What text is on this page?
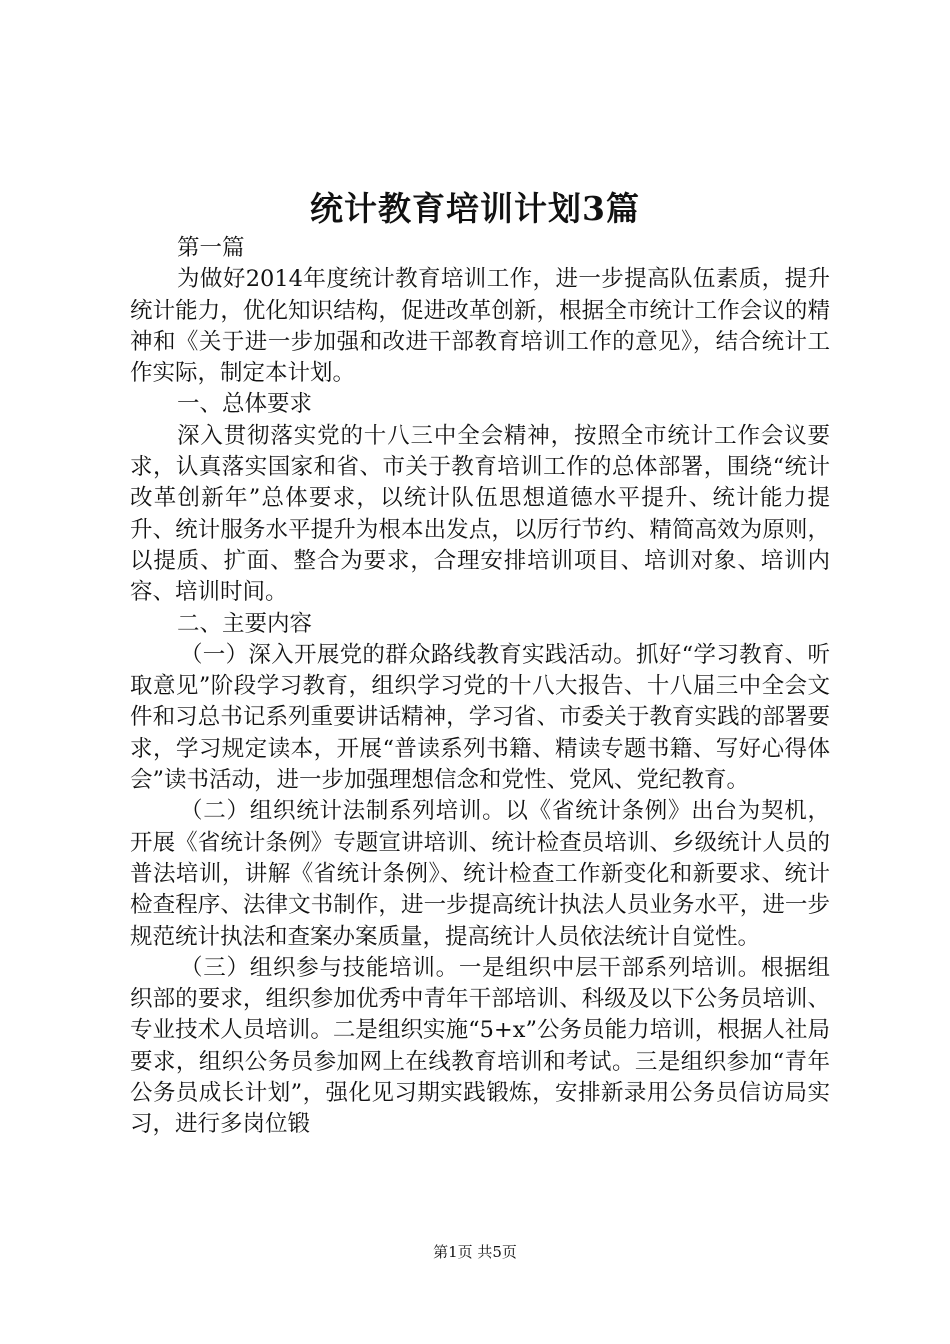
统计教育培训计划3篇

第一篇

为做好2014年度统计教育培训工作，进一步提高队伍素质，提升统计能力，优化知识结构，促进改革创新，根据全市统计工作会议的精神和《关于进一步加强和改进干部教育培训工作的意见》，结合统计工作实际，制定本计划。

一、总体要求

深入贯彻落实党的十八三中全会精神，按照全市统计工作会议要求，认真落实国家和省、市关于教育培训工作的总体部署，围绕“统计改革创新年”总体要求，以统计队伍思想道德水平提升、统计能力提升、统计服务水平提升为根本出发点，以厉行节约、精简高效为原则，以提质、扩面、整合为要求，合理安排培训项目、培训对象、培训内容、培训时间。

二、主要内容

（一）深入开展党的群众路线教育实践活动。抓好“学习教育、听取意见”阶段学习教育，组织学习党的十八大报告、十八届三中全会文件和习总书记系列重要讲话精神，学习省、市委关于教育实践的部署要求，学习规定读本，开展“普读系列书籍、精读专题书籍、写好心得体会”读书活动，进一步加强理想信念和党性、党风、党纪教育。

（二）组织统计法制系列培训。以《省统计条例》出台为契机，开展《省统计条例》专题宣讲培训、统计检查员培训、乡级统计人员的普法培训，讲解《省统计条例》、统计检查工作新变化和新要求、统计检查程序、法律文书制作，进一步提高统计执法人员业务水平，进一步规范统计执法和查案办案质量，提高统计人员依法统计自觉性。

（三）组织参与技能培训。一是组织中层干部系列培训。根据组织部的要求，组织参加优秀中青年干部培训、科级及以下公务员培训、专业技术人员培训。二是组织实施“5+x”公务员能力培训，根据人社局要求，组织公务员参加网上在线教育培训和考试。三是组织参加“青年公务员成长计划”，强化见习期实践锻炼，安排新录用公务员信访局实习，进行多岗位锻

第1页 共5页
